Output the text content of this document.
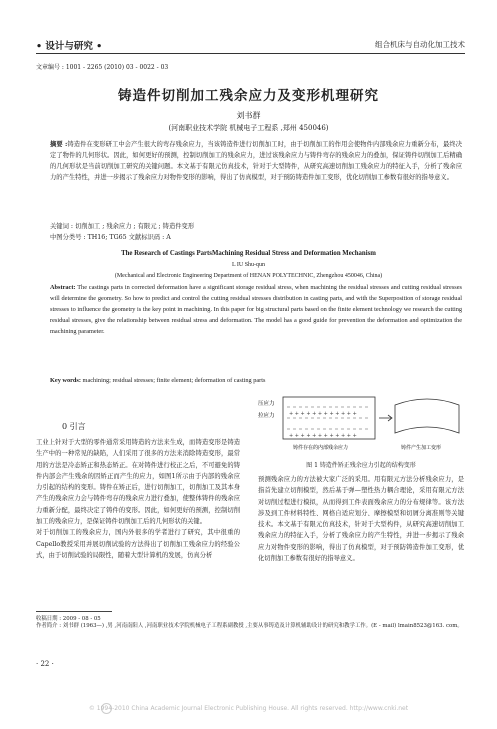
• 设计与研究 •	组合机床与自动化加工技术
文章编号 : 1001 - 2265 (2010) 03 - 0022 - 03
铸造件切削加工残余应力及变形机理研究
刘书群
(河南职业技术学院 机械电子工程系 ,郑州 450046)
摘要 :铸造件在变形研工中会产生很大的弯存残余应力，当该铸造件进行切削加工时，由于切削加工的作用会使物件内部残余应力重新分布，最终决定了物件的几何形状。因此，如何更好的预测，控制切削加工的残余应力，进过该残余应力与铸件弯存的残余应力的叠加，保证铸件切削加工后精确的几何形状是当前切削加工研究的关键问题。本文基于有限元仿真技术，针对于大型铸件，从研究高速切削加工残余应力的特征入手，分析了残余应力的产生特性，并进一步揭示了残余应力对物件变形的影响，得出了仿真模型，对于预防铸造件加工变形，优化切削加工参数有很好的指导意义。
关键词 : 切削加工 ; 残余应力 ; 有限元 ; 铸造件变形
中图分类号 : TH16; TG65 文献标识码 : A
The Research of Castings PartsMachining Residual Stress and Deformation Mechanism
L IU Shu-qun
(Mechanical and Electronic Engineering Department of HENAN POLYTECHNIC, Zhengzhou 450046, China)
Abstract: The castings parts in corrected deformation have a significant storage residual stress, when machining the residual stresses and cutting residual stresses will determine the geometry. So how to predict and control the cutting residual stresses distribution in casting parts, and with the Superposition of storage residual stresses to influence the geometry is the key point in machining. In this paper for big structural parts based on the finite element technology we research the cutting residual stresses, give the relationship between residual stress and deformation. The model has a good guide for prevention the deformation and optimization the machining parameter.
Key words: machining; residual stresses; finite element; deformation of casting parts
0 引言
工业上针对于大型的零件通常采用铸造的方法来生成，而铸造变形是铸造生产中的一种常见的缺陷，人们采用了很多的方法来消除铸造变形，最常用的方法是冷态矫正和热态矫正。在对铸件进行校正之后，不可避免的铸件内部会产生残余的因矫正而产生的应力，如图1所示由于内部的残余应力引起的结构的变形。铸件在矫正后，进行切削加工，切削加工及其本身产生的残余应力会与铸件弯存的残余应力进行叠加，使整体铸件的残余应力重新分配，最终决定了铸件的变形。因此，如何更好的预测，控制切削加工的残余应力，是保证铸件切削加工后的几何形状的关键。
对于切削加工的残余应力，国内外很多的学者进行了研究，其中很重的Capello教授采用并展切削试验的方法得出了切削加工残余应力的经验公式，由于切削试验的局限性，随着大型计算机的发展，仿真分析
+ + + + + + + + + + + +
+ + + + + + + + + + + +
压应力
拉应力
铸件存在的内部残余应力	铸件产生加工变形
图 1 铸造件矫正残余应力引起的结构变形
预测残余应力的方法被大家广泛的采用。用有限元方法分析残余应力，是指首先建立切削模型，然后基于弹—塑性热力耦合理论，采用有限元方法对切削过程进行模拟，从而得到工件表面残余应力的分布规律等。该方法涉及到工件材料特性、网格自适应划分、摩擦模型和切屑分离准则等关键技术。本文基于有限元仿真技术，针对于大型构件，从研究高速切削加工残余应力的特征入手，分析了残余应力的产生特性，并进一步揭示了残余应力对物件变形的影响，得出了仿真模型，对于预防铸造件加工变形，优化切削加工参数有很好的指导意义。
收稿日期 : 2009 - 08 - 05
作者简介 : 刘书群 (1963—) ,男 ,河南南阳人 ,河南职业技术学院机械电子工程系副教授 ,主要从事铸造及计算机辅助设计的研究和教学工作。(E - mail) lmain8523@163. com。
· 22 ·
© 1994-2010 China Academic Journal Electronic Publishing House. All rights reserved. http://www.cnki.net
